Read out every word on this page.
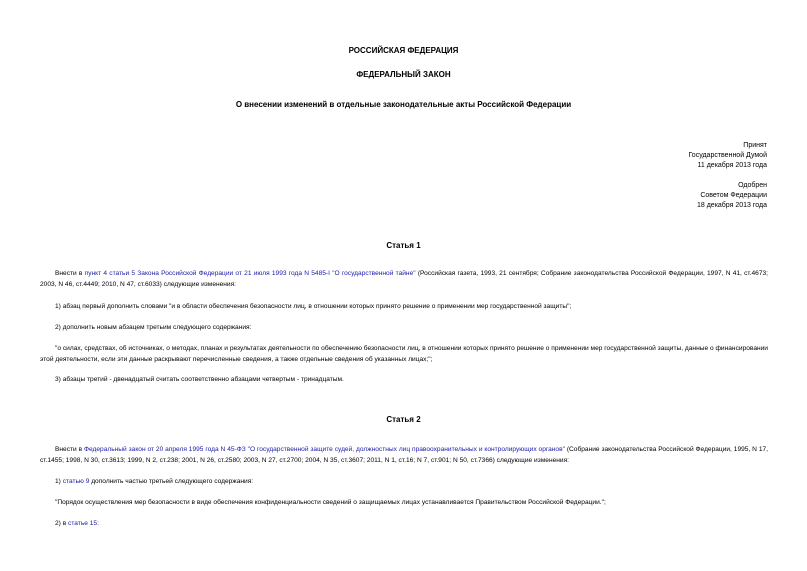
РОССИЙСКАЯ ФЕДЕРАЦИЯ
ФЕДЕРАЛЬНЫЙ ЗАКОН
О внесении изменений в отдельные законодательные акты Российской Федерации
Принят
Государственной Думой
11 декабря 2013 года
Одобрен
Советом Федерации
18 декабря 2013 года
Статья 1
Внести в пункт 4 статьи 5 Закона Российской Федерации от 21 июля 1993 года N 5485-I "О государственной тайне" (Российская газета, 1993, 21 сентября; Собрание законодательства Российской Федерации, 1997, N 41, ст.4673; 2003, N 46, ст.4449; 2010, N 47, ст.6033) следующие изменения:
1) абзац первый дополнить словами "и в области обеспечения безопасности лиц, в отношении которых принято решение о применении мер государственной защиты";
2) дополнить новым абзацем третьим следующего содержания:
"о силах, средствах, об источниках, о методах, планах и результатах деятельности по обеспечению безопасности лиц, в отношении которых принято решение о применении мер государственной защиты, данные о финансировании этой деятельности, если эти данные раскрывают перечисленные сведения, а также отдельные сведения об указанных лицах;";
3) абзацы третий - двенадцатый считать соответственно абзацами четвертым - тринадцатым.
Статья 2
Внести в Федеральный закон от 20 апреля 1995 года N 45-ФЗ "О государственной защите судей, должностных лиц правоохранительных и контролирующих органов" (Собрание законодательства Российской Федерации, 1995, N 17, ст.1455; 1998, N 30, ст.3613; 1999, N 2, ст.238; 2001, N 26, ст.2580; 2003, N 27, ст.2700; 2004, N 35, ст.3607; 2011, N 1, ст.16; N 7, ст.901; N 50, ст.7366) следующие изменения:
1) статью 9 дополнить частью третьей следующего содержания:
"Порядок осуществления мер безопасности в виде обеспечения конфиденциальности сведений о защищаемых лицах устанавливается Правительством Российской Федерации.";
2) в статье 15:
